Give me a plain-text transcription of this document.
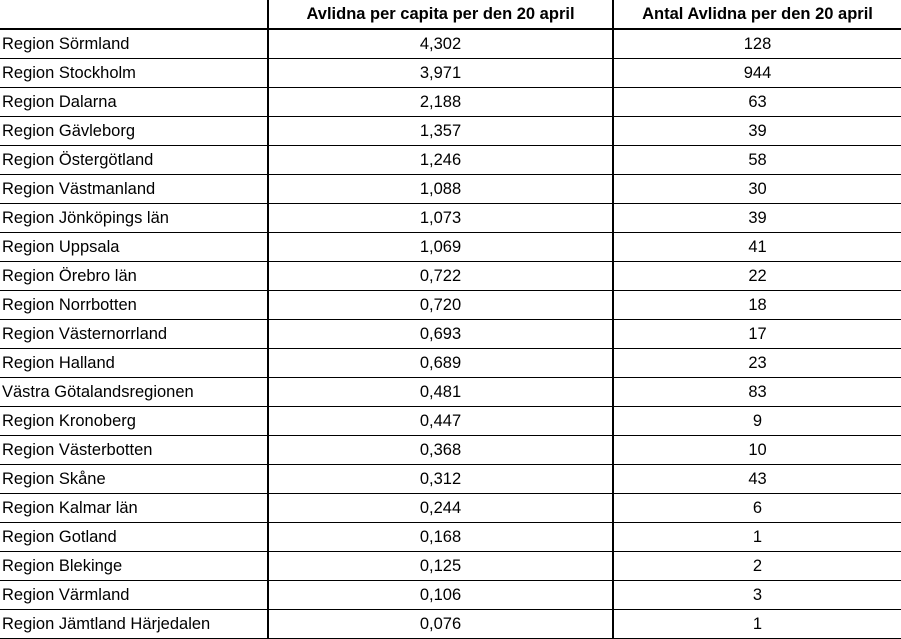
	Avlidna per capita per den 20 april	Antal Avlidna per den 20 april
Region Sörmland	4,302	128
Region Stockholm	3,971	944
Region Dalarna	2,188	63
Region Gävleborg	1,357	39
Region Östergötland	1,246	58
Region Västmanland	1,088	30
Region Jönköpings län	1,073	39
Region Uppsala	1,069	41
Region Örebro län	0,722	22
Region Norrbotten	0,720	18
Region Västernorrland	0,693	17
Region Halland	0,689	23
Västra Götalandsregionen	0,481	83
Region Kronoberg	0,447	9
Region Västerbotten	0,368	10
Region Skåne	0,312	43
Region Kalmar län	0,244	6
Region Gotland	0,168	1
Region Blekinge	0,125	2
Region Värmland	0,106	3
Region Jämtland Härjedalen	0,076	1
